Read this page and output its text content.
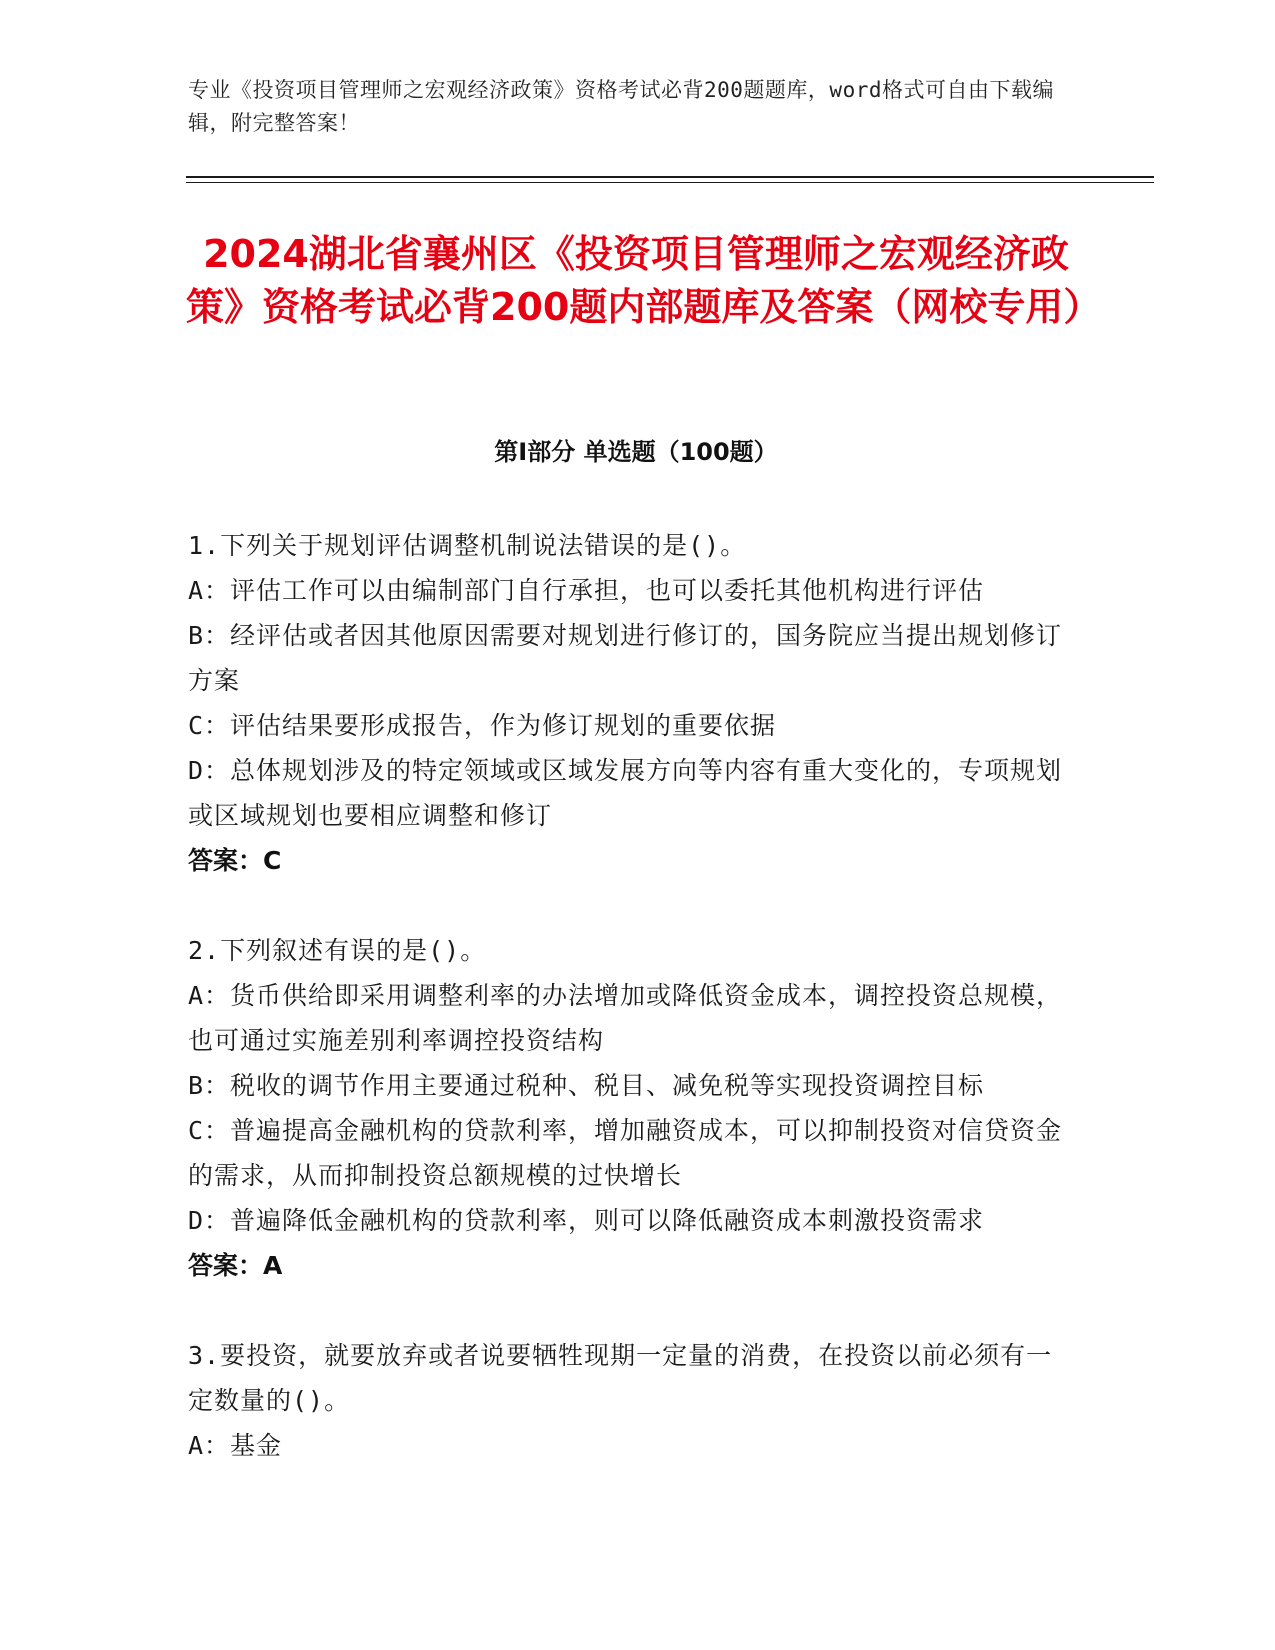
专业《投资项目管理师之宏观经济政策》资格考试必背200题题库，word格式可自由下载编辑，附完整答案！
2024湖北省襄州区《投资项目管理师之宏观经济政策》资格考试必背200题内部题库及答案（网校专用）
第I部分 单选题（100题）
1.下列关于规划评估调整机制说法错误的是()。
A：评估工作可以由编制部门自行承担，也可以委托其他机构进行评估
B：经评估或者因其他原因需要对规划进行修订的，国务院应当提出规划修订方案
C：评估结果要形成报告，作为修订规划的重要依据
D：总体规划涉及的特定领域或区域发展方向等内容有重大变化的，专项规划或区域规划也要相应调整和修订
答案：C
2.下列叙述有误的是()。
A：货币供给即采用调整利率的办法增加或降低资金成本，调控投资总规模，也可通过实施差别利率调控投资结构
B：税收的调节作用主要通过税种、税目、减免税等实现投资调控目标
C：普遍提高金融机构的贷款利率，增加融资成本，可以抑制投资对信贷资金的需求，从而抑制投资总额规模的过快增长
D：普遍降低金融机构的贷款利率，则可以降低融资成本刺激投资需求
答案：A
3.要投资，就要放弃或者说要牺牲现期一定量的消费，在投资以前必须有一定数量的()。
A：基金
